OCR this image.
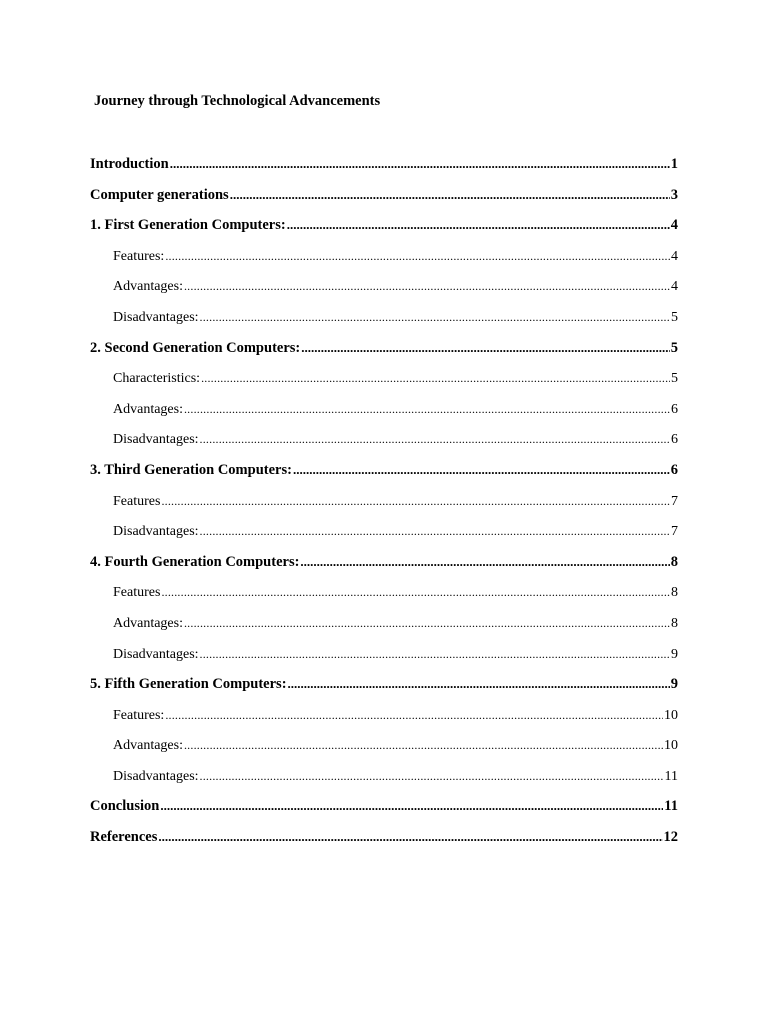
Journey through Technological Advancements
Introduction .....	1
Computer generations .....	3
1. First Generation Computers: .....	4
Features: .....	4
Advantages: .....	4
Disadvantages: .....	5
2. Second Generation Computers: .....	5
Characteristics: .....	5
Advantages: .....	6
Disadvantages: .....	6
3. Third Generation Computers: .....	6
Features .....	7
Disadvantages: .....	7
4. Fourth Generation Computers: .....	8
Features .....	8
Advantages: .....	8
Disadvantages: .....	9
5. Fifth Generation Computers: .....	9
Features: .....	10
Advantages: .....	10
Disadvantages: .....	11
Conclusion .....	11
References .....	12
